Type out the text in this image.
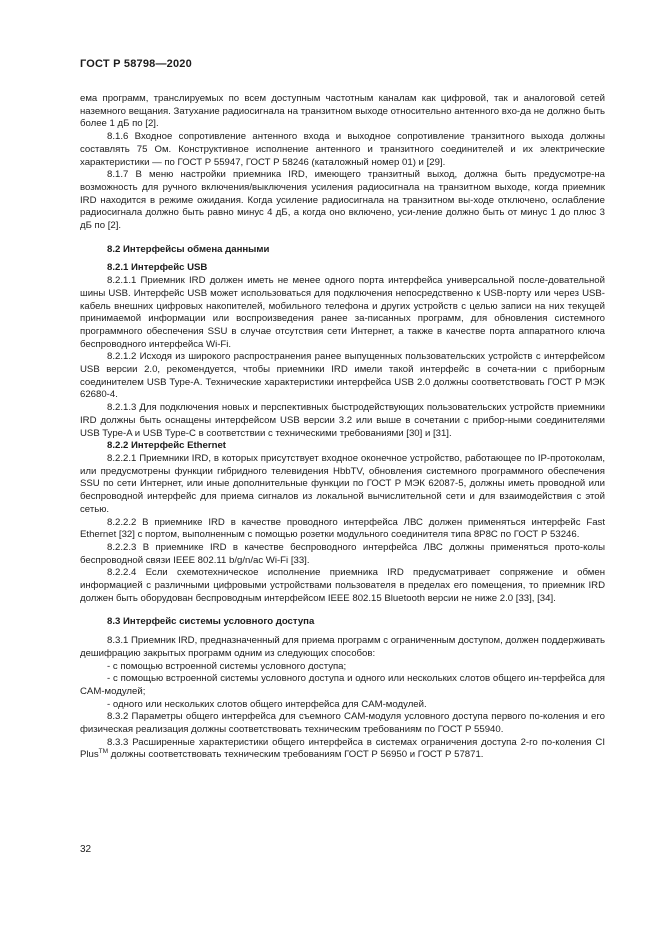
ГОСТ Р 58798—2020

ема программ, транслируемых по всем доступным частотным каналам как цифровой, так и аналоговой сетей наземного вещания. Затухание радиосигнала на транзитном выходе относительно антенного вхо-да не должно быть более 1 дБ по [2].

8.1.6 Входное сопротивление антенного входа и выходное сопротивление транзитного выхода должны составлять 75 Ом. Конструктивное исполнение антенного и транзитного соединителей и их электрические характеристики — по ГОСТ Р 55947, ГОСТ Р 58246 (каталожный номер 01) и [29].

8.1.7 В меню настройки приемника IRD, имеющего транзитный выход, должна быть предусмотре-на возможность для ручного включения/выключения усиления радиосигнала на транзитном выходе, когда приемник IRD находится в режиме ожидания. Когда усиление радиосигнала на транзитном вы-ходе отключено, ослабление радиосигнала должно быть равно минус 4 дБ, а когда оно включено, уси-ление должно быть от минус 1 до плюс 3 дБ по [2].

8.2 Интерфейсы обмена данными

8.2.1 Интерфейс USB

8.2.1.1 Приемник IRD должен иметь не менее одного порта интерфейса универсальной после-довательной шины USB. Интерфейс USB может использоваться для подключения непосредственно к USB-порту или через USB-кабель внешних цифровых накопителей, мобильного телефона и других устройств с целью записи на них текущей принимаемой информации или воспроизведения ранее за-писанных программ, для обновления системного программного обеспечения SSU в случае отсутствия сети Интернет, а также в качестве порта аппаратного ключа беспроводного интерфейса Wi-Fi.

8.2.1.2 Исходя из широкого распространения ранее выпущенных пользовательских устройств с интерфейсом USB версии 2.0, рекомендуется, чтобы приемники IRD имели такой интерфейс в сочета-нии с приборным соединителем USB Type-A. Технические характеристики интерфейса USB 2.0 должны соответствовать ГОСТ Р МЭК 62680-4.

8.2.1.3 Для подключения новых и перспективных быстродействующих пользовательских устройств приемники IRD должны быть оснащены интерфейсом USB версии 3.2 или выше в сочетании с прибор-ными соединителями USB Type-A и USB Type-C в соответствии с техническими требованиями [30] и [31].

8.2.2 Интерфейс Ethernet

8.2.2.1 Приемники IRD, в которых присутствует входное оконечное устройство, работающее по IP-протоколам, или предусмотрены функции гибридного телевидения HbbTV, обновления системного программного обеспечения SSU по сети Интернет, или иные дополнительные функции по ГОСТ Р МЭК 62087-5, должны иметь проводной или беспроводной интерфейс для приема сигналов из локальной вычислительной сети и для взаимодействия с этой сетью.

8.2.2.2 В приемнике IRD в качестве проводного интерфейса ЛВС должен применяться интерфейс Fast Ethernet [32] с портом, выполненным с помощью розетки модульного соединителя типа 8P8C по ГОСТ Р 53246.

8.2.2.3 В приемнике IRD в качестве беспроводного интерфейса ЛВС должны применяться прото-колы беспроводной связи IEEE 802.11 b/g/n/ac Wi-Fi [33].

8.2.2.4 Если схемотехническое исполнение приемника IRD предусматривает сопряжение и обмен информацией с различными цифровыми устройствами пользователя в пределах его помещения, то приемник IRD должен быть оборудован беспроводным интерфейсом IEEE 802.15 Bluetooth версии не ниже 2.0 [33], [34].

8.3 Интерфейс системы условного доступа

8.3.1 Приемник IRD, предназначенный для приема программ с ограниченным доступом, должен поддерживать дешифрацию закрытых программ одним из следующих способов:

- с помощью встроенной системы условного доступа;

- с помощью встроенной системы условного доступа и одного или нескольких слотов общего ин-терфейса для CAM-модулей;

- одного или нескольких слотов общего интерфейса для CAM-модулей.

8.3.2 Параметры общего интерфейса для съемного CAM-модуля условного доступа первого по-коления и его физическая реализация должны соответствовать техническим требованиям по ГОСТ Р 55940.

8.3.3 Расширенные характеристики общего интерфейса в системах ограничения доступа 2-го по-коления CI Plus™ должны соответствовать техническим требованиям ГОСТ Р 56950 и ГОСТ Р 57871.

32
